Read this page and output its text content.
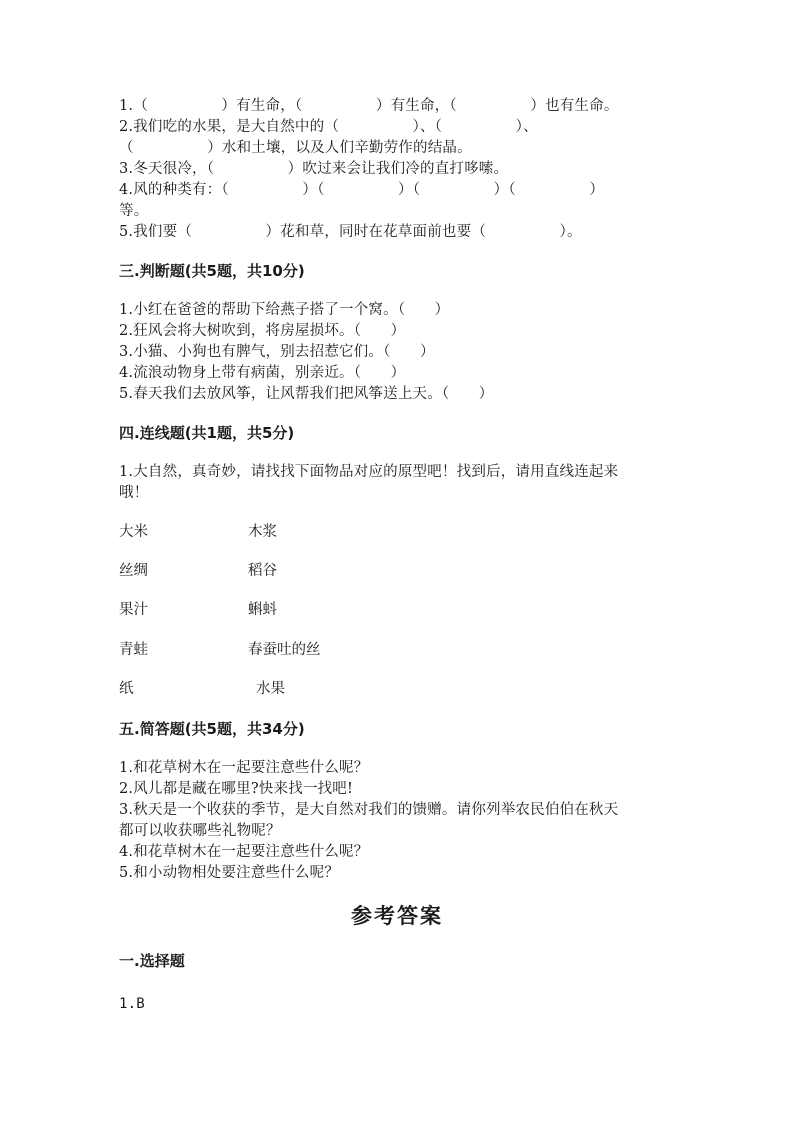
1.（　　　　　）有生命，（　　　　　）有生命，（　　　　　）也有生命。
2.我们吃的水果，是大自然中的（　　　　　）、（　　　　　）、
（　　　　　）水和土壤，以及人们辛勤劳作的结晶。
3.冬天很冷，（　　　　　）吹过来会让我们冷的直打哆嗦。
4.风的种类有：（　　　　　）（　　　　　）（　　　　　）（　　　　　）
等。
5.我们要（　　　　　）花和草，同时在花草面前也要（　　　　　）。
三.判断题(共5题，共10分)
1.小红在爸爸的帮助下给燕子搭了一个窝。（　　）
2.狂风会将大树吹到，将房屋损坏。（　　）
3.小猫、小狗也有脾气，别去招惹它们。（　　）
4.流浪动物身上带有病菌，别亲近。（　　）
5.春天我们去放风筝，让风帮我们把风筝送上天。（　　）
四.连线题(共1题，共5分)
1.大自然，真奇妙，请找找下面物品对应的原型吧！找到后，请用直线连起来
哦！
大米	木浆
丝绸	稻谷
果汁	蝌蚪
青蛙	春蚕吐的丝
纸	水果
五.简答题(共5题，共34分)
1.和花草树木在一起要注意些什么呢？
2.风儿都是藏在哪里?快来找一找吧!
3.秋天是一个收获的季节，是大自然对我们的馈赠。请你列举农民伯伯在秋天
都可以收获哪些礼物呢？
4.和花草树木在一起要注意些什么呢？
5.和小动物相处要注意些什么呢？
参考答案
一.选择题
1.B
